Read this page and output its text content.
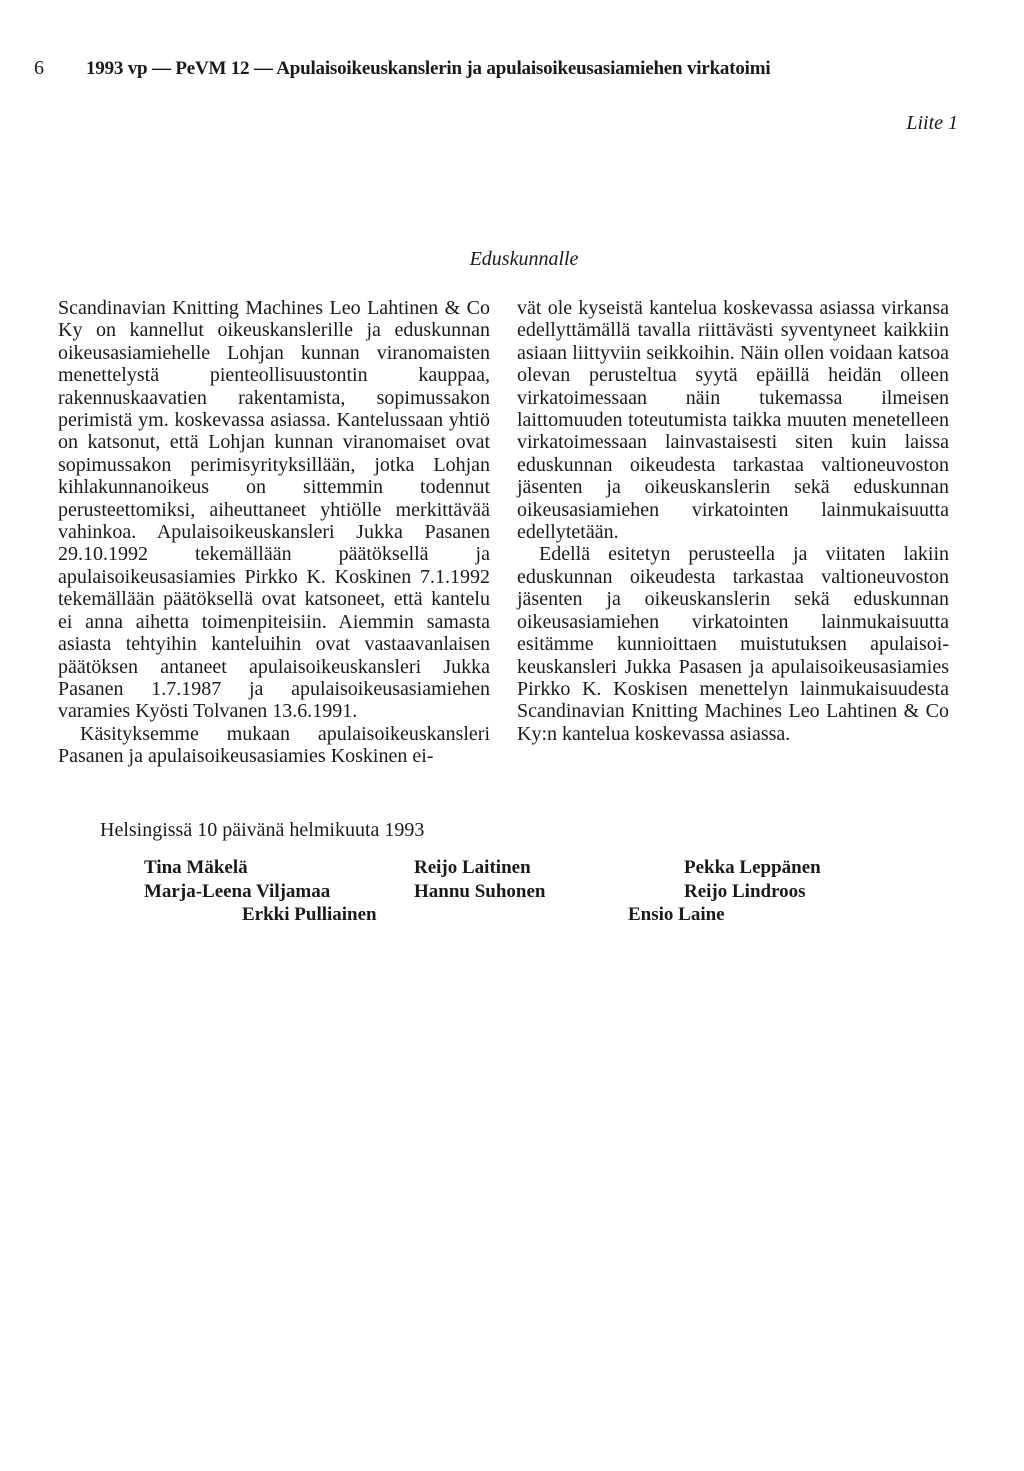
6 1993 vp — PeVM 12 — Apulaisoikeuskanslerin ja apulaisoikeusasiamiehen virkatoimi
Liite 1
Eduskunnalle

Scandinavian Knitting Machines Leo Lahtinen & Co Ky on kannellut oikeuskanslerille ja eduskunnan oikeusasiamiehelle Lohjan kunnan viranomaisten menettelystä pienteollisuustontin kauppaa, rakennuskaavatien rakentamista, sopimussakon perimistä ym. koskevassa asiassa. Kantelussaan yhtiö on katsonut, että Lohjan kunnan viranomaiset ovat sopimussakon perimisyrityksillään, jotka Lohjan kihlakunnanoikeus on sittemmin todennut perusteettomiksi, aiheuttaneet yhtiölle merkittävää vahinkoa. Apulaisoikeuskansleri Jukka Pasanen 29.10.1992 tekemällään päätöksellä ja apulaisoikeusasiamies Pirkko K. Koskinen 7.1.1992 tekemällään päätöksellä ovat katsoneet, että kantelu ei anna aihetta toimenpiteisiin. Aiemmin samasta asiasta tehtyihin kanteluihin ovat vastaavanlaisen päätöksen antaneet apulaisoikeuskansleri Jukka Pasanen 1.7.1987 ja apulaisoikeusasiamiehen varamies Kyösti Tolvanen 13.6.1991.

Käsityksemme mukaan apulaisoikeuskansleri Pasanen ja apulaisoikeusasiamies Koskinen ei-

vät ole kyseistä kantelua koskevassa asiassa virkansa edellyttämällä tavalla riittävästi syventyneet kaikkiin asiaan liittyviin seikkoihin. Näin ollen voidaan katsoa olevan perusteltua syytä epäillä heidän olleen virkatoimessaan näin tukemassa ilmeisen laittomuuden toteutumista taikka muuten menetelleen virkatoimessaan lainvastaisesti siten kuin laissa eduskunnan oikeudesta tarkastaa valtioneuvoston jäsenten ja oikeuskanslerin sekä eduskunnan oikeusasiamiehen virkatointen lainmukaisuutta edellytetään.

Edellä esitetyn perusteella ja viitaten lakiin eduskunnan oikeudesta tarkastaa valtioneuvoston jäsenten ja oikeuskanslerin sekä eduskunnan oikeusasiamiehen virkatointen lainmukaisuutta esitämme kunnioittaen muistutuksen apulaisoikeuskansleri Jukka Pasasen ja apulaisoikeusasiamies Pirkko K. Koskisen menettelyn lainmukaisuudesta Scandinavian Knitting Machines Leo Lahtinen & Co Ky:n kantelua koskevassa asiassa.

Helsingissä 10 päivänä helmikuuta 1993
Tina Mäkelä
Marja-Leena Viljamaa
Erkki Pulliainen
Reijo Laitinen
Hannu Suhonen
Pekka Leppänen
Reijo Lindroos
Ensio Laine
